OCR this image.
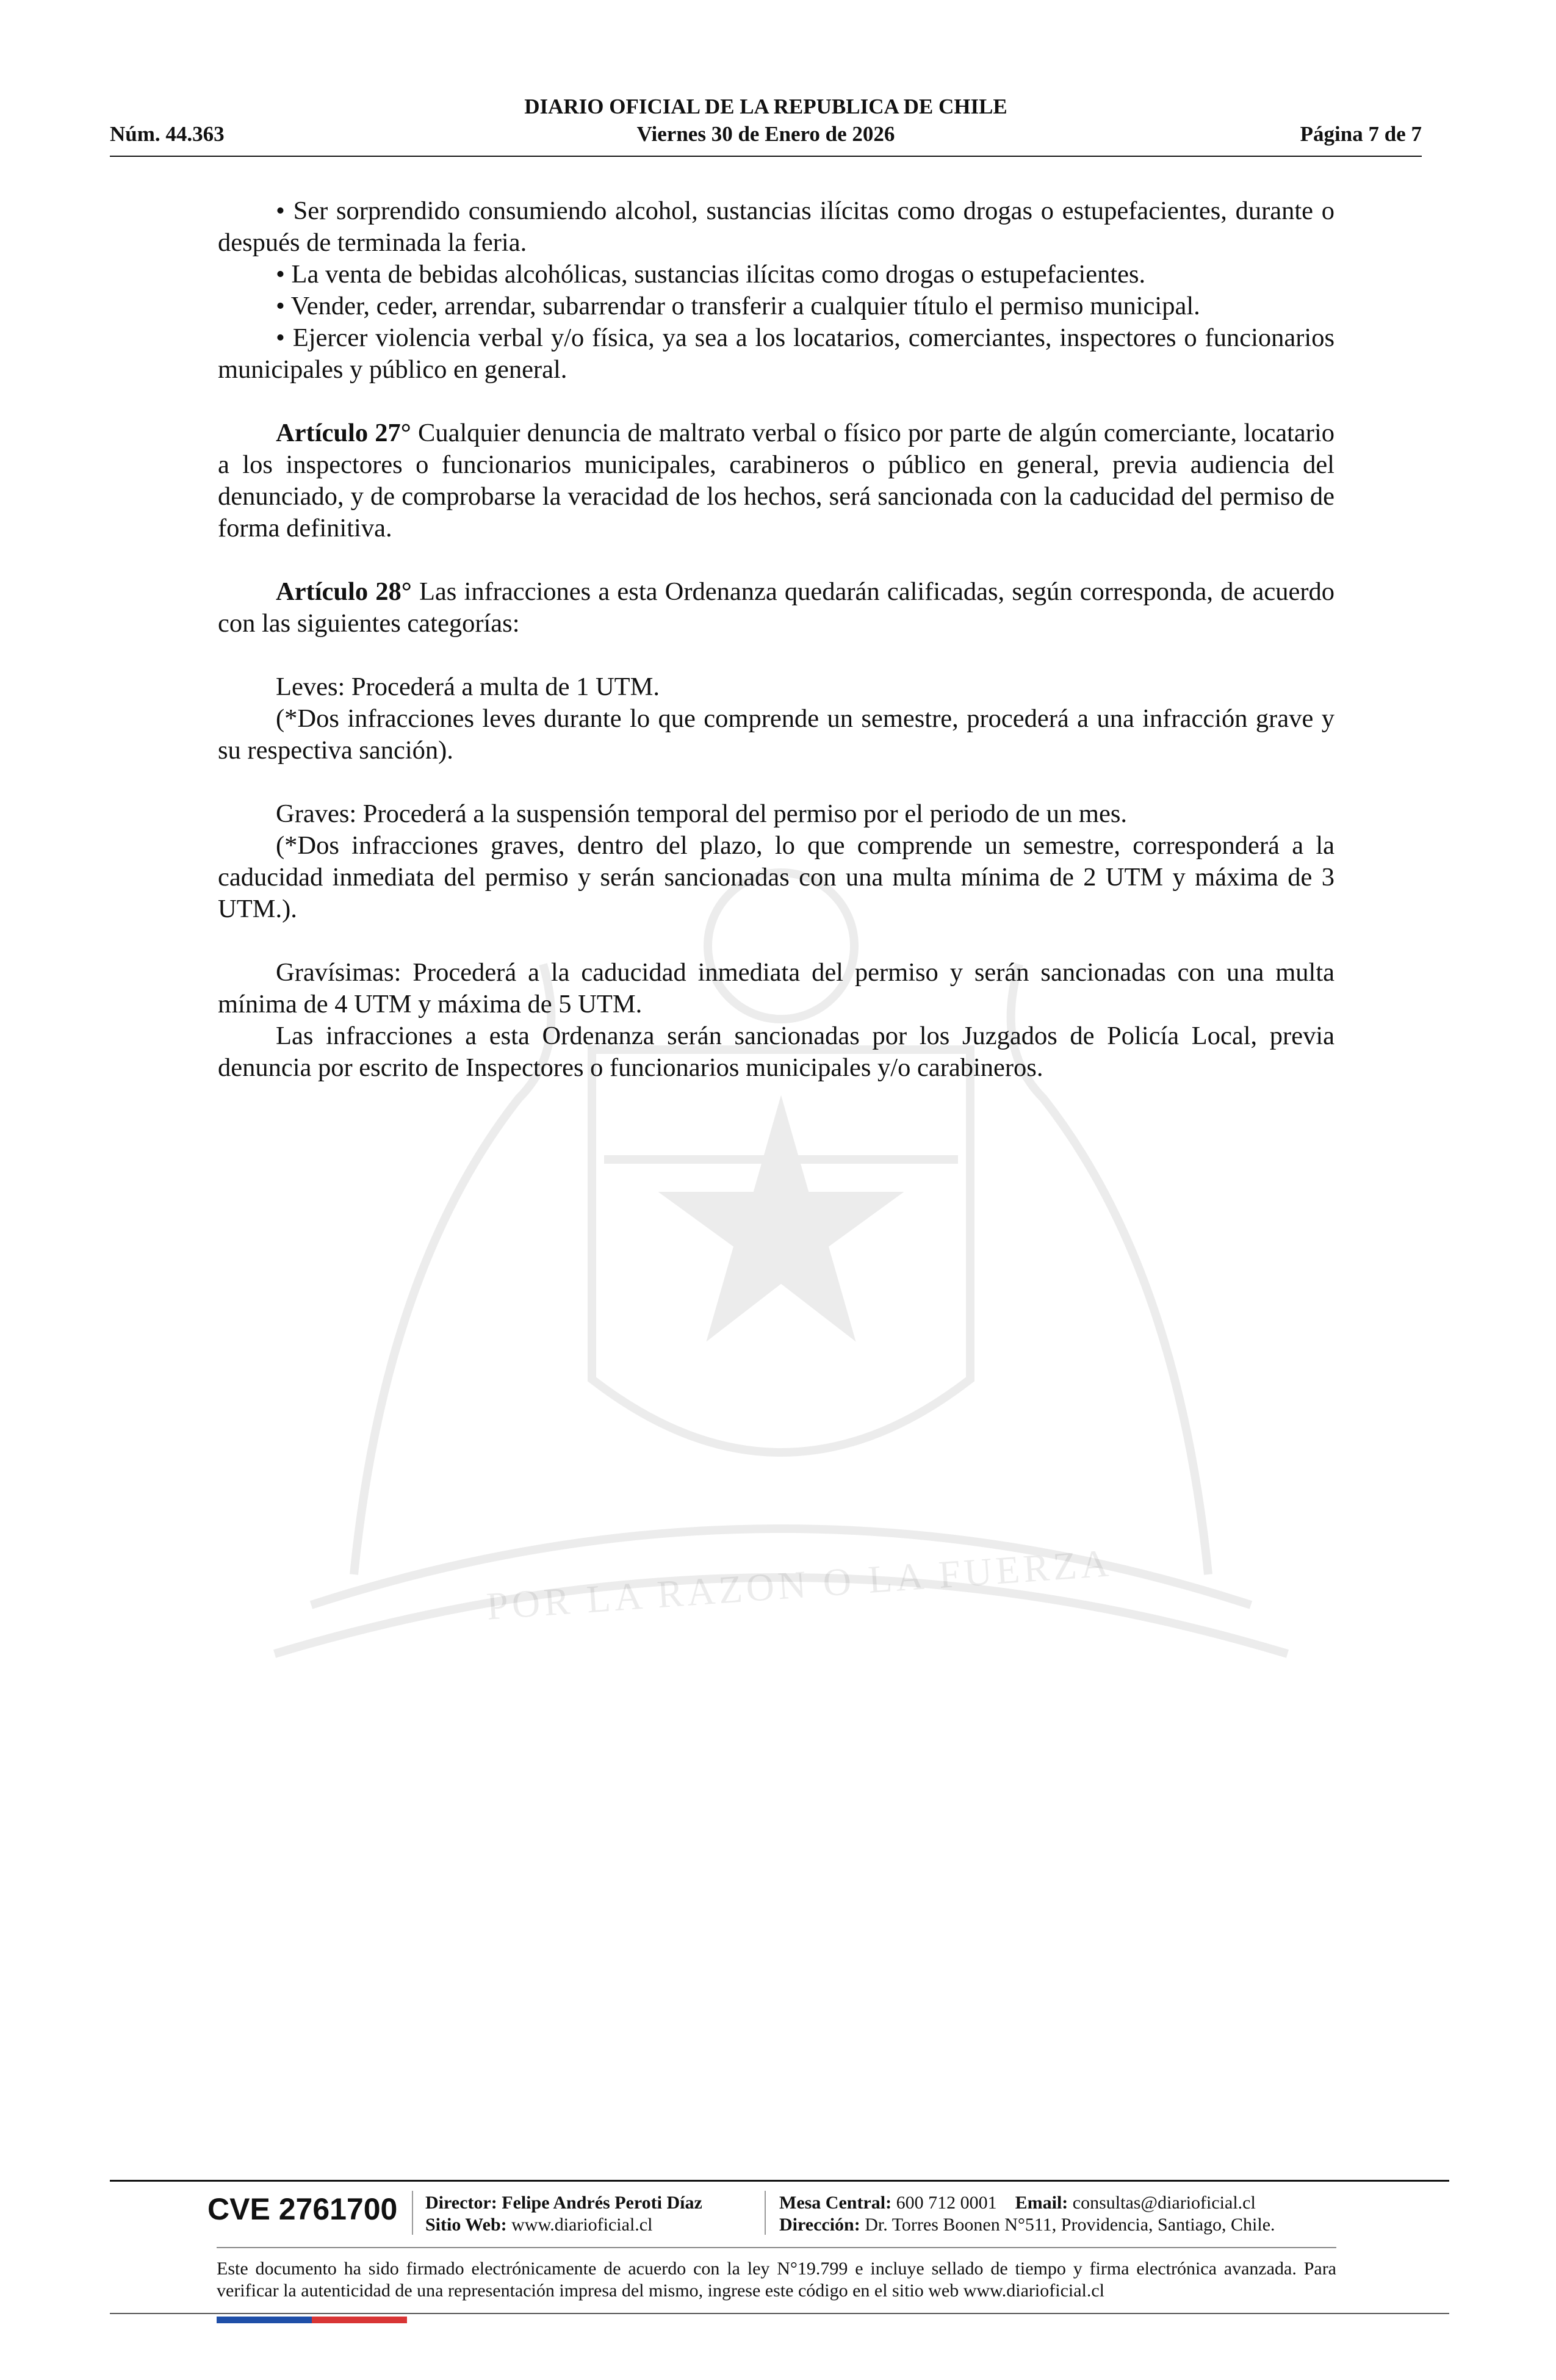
POR LA RAZON O LA FUERZA
DIARIO OFICIAL DE LA REPUBLICA DE CHILE
Núm. 44.363	Viernes 30 de Enero de 2026	Página 7 de 7

• Ser sorprendido consumiendo alcohol, sustancias ilícitas como drogas o estupefacientes, durante o después de terminada la feria.

• La venta de bebidas alcohólicas, sustancias ilícitas como drogas o estupefacientes.

• Vender, ceder, arrendar, subarrendar o transferir a cualquier título el permiso municipal.

• Ejercer violencia verbal y/o física, ya sea a los locatarios, comerciantes, inspectores o funcionarios municipales y público en general.

Artículo 27° Cualquier denuncia de maltrato verbal o físico por parte de algún comerciante, locatario a los inspectores o funcionarios municipales, carabineros o público en general, previa audiencia del denunciado, y de comprobarse la veracidad de los hechos, será sancionada con la caducidad del permiso de forma definitiva.

Artículo 28° Las infracciones a esta Ordenanza quedarán calificadas, según corresponda, de acuerdo con las siguientes categorías:

Leves: Procederá a multa de 1 UTM.

(*Dos infracciones leves durante lo que comprende un semestre, procederá a una infracción grave y su respectiva sanción).

Graves: Procederá a la suspensión temporal del permiso por el periodo de un mes.

(*Dos infracciones graves, dentro del plazo, lo que comprende un semestre, corresponderá a la caducidad inmediata del permiso y serán sancionadas con una multa mínima de 2 UTM y máxima de 3 UTM.).

Gravísimas: Procederá a la caducidad inmediata del permiso y serán sancionadas con una multa mínima de 4 UTM y máxima de 5 UTM.

Las infracciones a esta Ordenanza serán sancionadas por los Juzgados de Policía Local, previa denuncia por escrito de Inspectores o funcionarios municipales y/o carabineros.

CVE 2761700 Director: Felipe Andrés Peroti Díaz
Sitio Web: www.diarioficial.cl
Mesa Central: 600 712 0001 Email: consultas@diarioficial.cl
Dirección: Dr. Torres Boonen N°511, Providencia, Santiago, Chile.
Este documento ha sido firmado electrónicamente de acuerdo con la ley N°19.799 e incluye sellado de tiempo y firma electrónica avanzada. Para verificar la autenticidad de una representación impresa del mismo, ingrese este código en el sitio web www.diarioficial.cl
